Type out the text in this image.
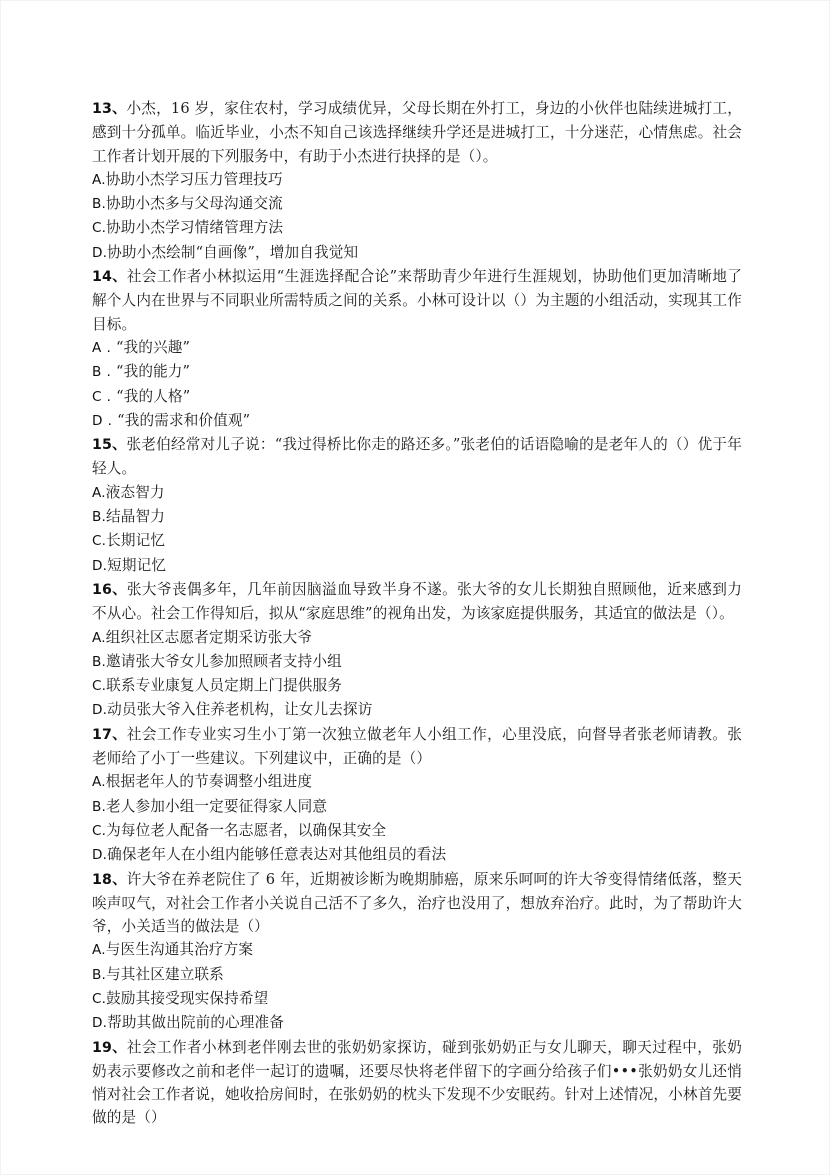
13、小杰，16 岁，家住农村，学习成绩优异，父母长期在外打工，身边的小伙伴也陆续进城打工，感到十分孤单。临近毕业，小杰不知自己该选择继续升学还是进城打工，十分迷茫，心情焦虑。社会工作者计划开展的下列服务中，有助于小杰进行抉择的是（）。

A.协助小杰学习压力管理技巧

B.协助小杰多与父母沟通交流

C.协助小杰学习情绪管理方法

D.协助小杰绘制“自画像”，增加自我觉知

14、社会工作者小林拟运用“生涯选择配合论”来帮助青少年进行生涯规划，协助他们更加清晰地了解个人内在世界与不同职业所需特质之间的关系。小林可设计以（）为主题的小组活动，实现其工作目标。

A . “我的兴趣”

B . “我的能力”

C . “我的人格”

D . “我的需求和价值观”

15、张老伯经常对儿子说：“我过得桥比你走的路还多。”张老伯的话语隐喻的是老年人的（）优于年轻人。

A.液态智力

B.结晶智力

C.长期记忆

D.短期记忆

16、张大爷丧偶多年，几年前因脑溢血导致半身不遂。张大爷的女儿长期独自照顾他，近来感到力不从心。社会工作得知后，拟从“家庭思维”的视角出发，为该家庭提供服务，其适宜的做法是（）。

A.组织社区志愿者定期采访张大爷

B.邀请张大爷女儿参加照顾者支持小组

C.联系专业康复人员定期上门提供服务

D.动员张大爷入住养老机构，让女儿去探访

17、社会工作专业实习生小丁第一次独立做老年人小组工作，心里没底，向督导者张老师请教。张老师给了小丁一些建议。下列建议中，正确的是（）

A.根据老年人的节奏调整小组进度

B.老人参加小组一定要征得家人同意

C.为每位老人配备一名志愿者，以确保其安全

D.确保老年人在小组内能够任意表达对其他组员的看法

18、许大爷在养老院住了 6 年，近期被诊断为晚期肺癌，原来乐呵呵的许大爷变得情绪低落，整天唉声叹气，对社会工作者小关说自己活不了多久，治疗也没用了，想放弃治疗。此时，为了帮助许大爷，小关适当的做法是（）

A.与医生沟通其治疗方案

B.与其社区建立联系

C.鼓励其接受现实保持希望

D.帮助其做出院前的心理准备

19、社会工作者小林到老伴刚去世的张奶奶家探访，碰到张奶奶正与女儿聊天，聊天过程中，张奶奶表示要修改之前和老伴一起订的遗嘱，还要尽快将老伴留下的字画分给孩子们•••张奶奶女儿还悄悄对社会工作者说，她收拾房间时，在张奶奶的枕头下发现不少安眠药。针对上述情况，小林首先要做的是（）
